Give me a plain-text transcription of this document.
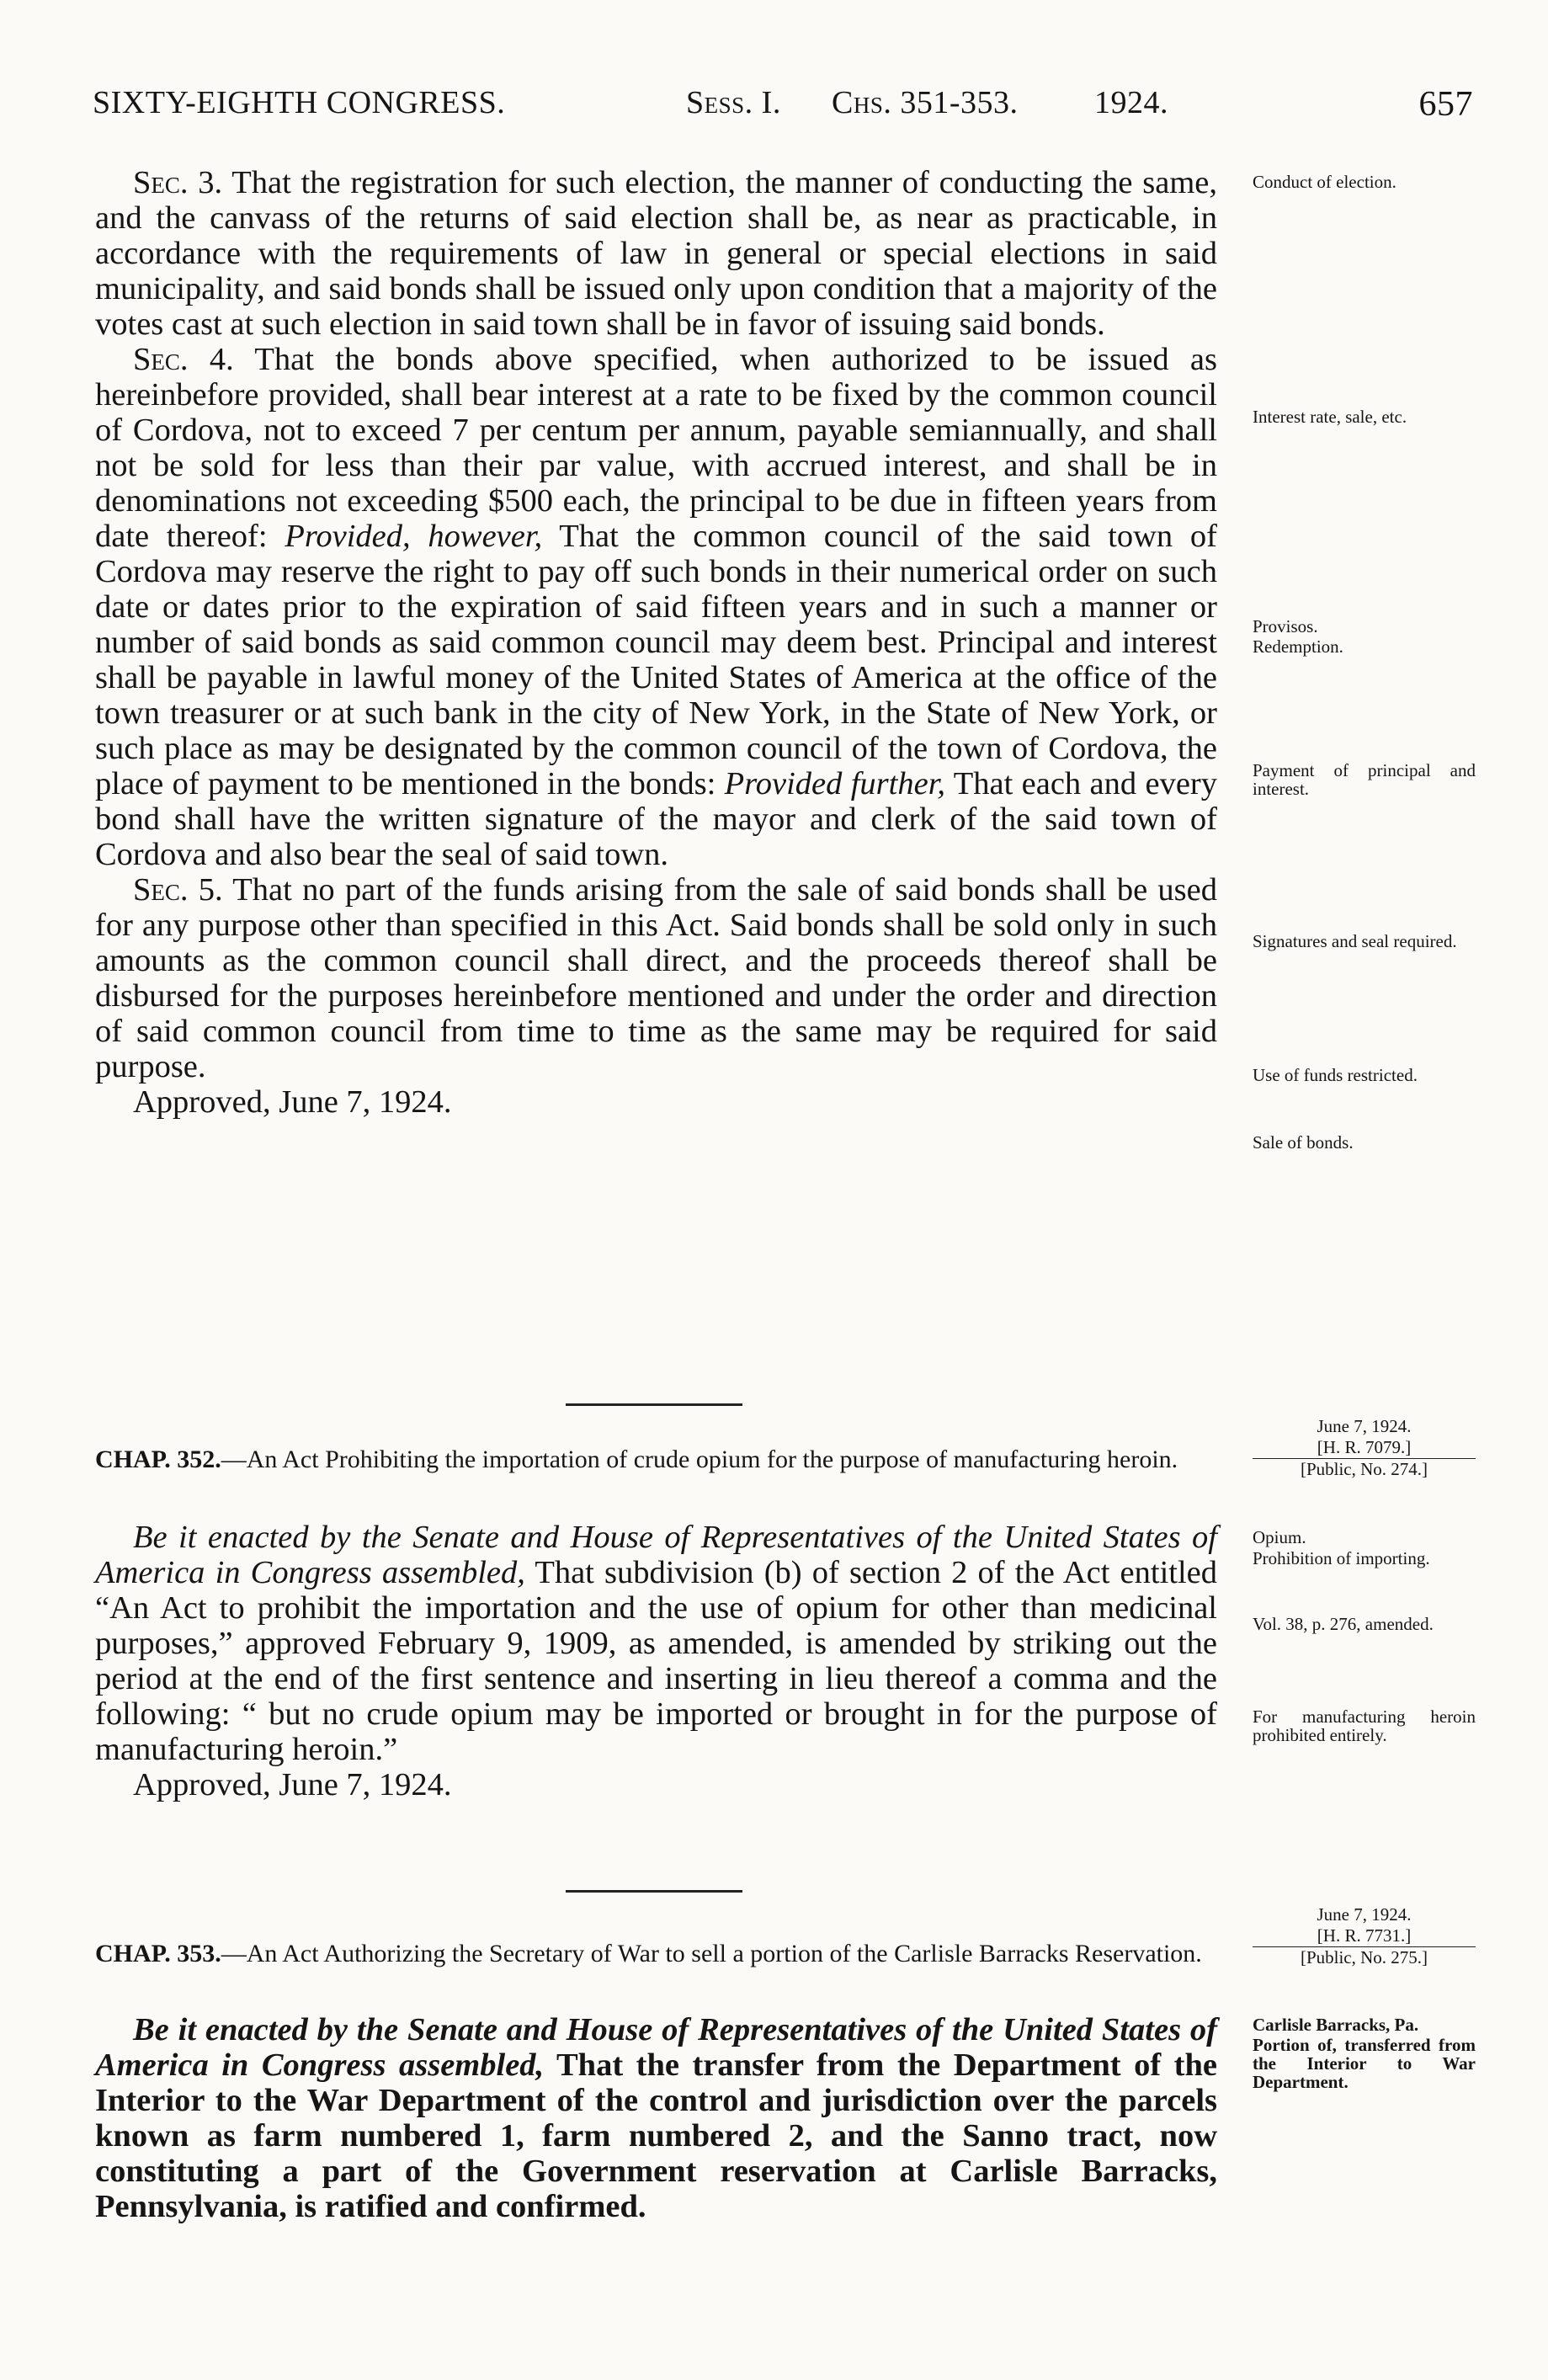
SIXTY-EIGHTH CONGRESS.	Sess. I. Chs. 351-353. 1924.	657

Sec. 3. That the registration for such election, the manner of conducting the same, and the canvass of the returns of said election shall be, as near as practicable, in accordance with the requirements of law in general or special elections in said municipality, and said bonds shall be issued only upon condition that a majority of the votes cast at such election in said town shall be in favor of issuing said bonds.

Sec. 4. That the bonds above specified, when authorized to be issued as hereinbefore provided, shall bear interest at a rate to be fixed by the common council of Cordova, not to exceed 7 per centum per annum, payable semiannually, and shall not be sold for less than their par value, with accrued interest, and shall be in denominations not exceeding $500 each, the principal to be due in fifteen years from date thereof: Provided, however, That the common council of the said town of Cordova may reserve the right to pay off such bonds in their numerical order on such date or dates prior to the expiration of said fifteen years and in such a manner or number of said bonds as said common council may deem best. Principal and interest shall be payable in lawful money of the United States of America at the office of the town treasurer or at such bank in the city of New York, in the State of New York, or such place as may be designated by the common council of the town of Cordova, the place of payment to be mentioned in the bonds: Provided further, That each and every bond shall have the written signature of the mayor and clerk of the said town of Cordova and also bear the seal of said town.

Sec. 5. That no part of the funds arising from the sale of said bonds shall be used for any purpose other than specified in this Act. Said bonds shall be sold only in such amounts as the common council shall direct, and the proceeds thereof shall be disbursed for the purposes hereinbefore mentioned and under the order and direction of said common council from time to time as the same may be required for said purpose.

Approved, June 7, 1924.

CHAP. 352.—An Act Prohibiting the importation of crude opium for the purpose of manufacturing heroin.

Be it enacted by the Senate and House of Representatives of the United States of America in Congress assembled, That subdivision (b) of section 2 of the Act entitled “An Act to prohibit the importation and the use of opium for other than medicinal purposes,” approved February 9, 1909, as amended, is amended by striking out the period at the end of the first sentence and inserting in lieu thereof a comma and the following: “ but no crude opium may be imported or brought in for the purpose of manufacturing heroin.”

Approved, June 7, 1924.

CHAP. 353.—An Act Authorizing the Secretary of War to sell a portion of the Carlisle Barracks Reservation.

Be it enacted by the Senate and House of Representatives of the United States of America in Congress assembled, That the transfer from the Department of the Interior to the War Department of the control and jurisdiction over the parcels known as farm numbered 1, farm numbered 2, and the Sanno tract, now constituting a part of the Government reservation at Carlisle Barracks, Pennsylvania, is ratified and confirmed.

Conduct of election.
Interest rate, sale, etc.
Provisos.
Redemption.
Payment of principal and interest.
Signatures and seal required.
Use of funds restricted.
Sale of bonds.
June 7, 1924.
[H. R. 7079.]
[Public, No. 274.]
Opium.
Prohibition of importing.
Vol. 38, p. 276, amended.
For manufacturing heroin prohibited entirely.
June 7, 1924.
[H. R. 7731.]
[Public, No. 275.]
Carlisle Barracks, Pa.
Portion of, transferred from the Interior to War Department.
